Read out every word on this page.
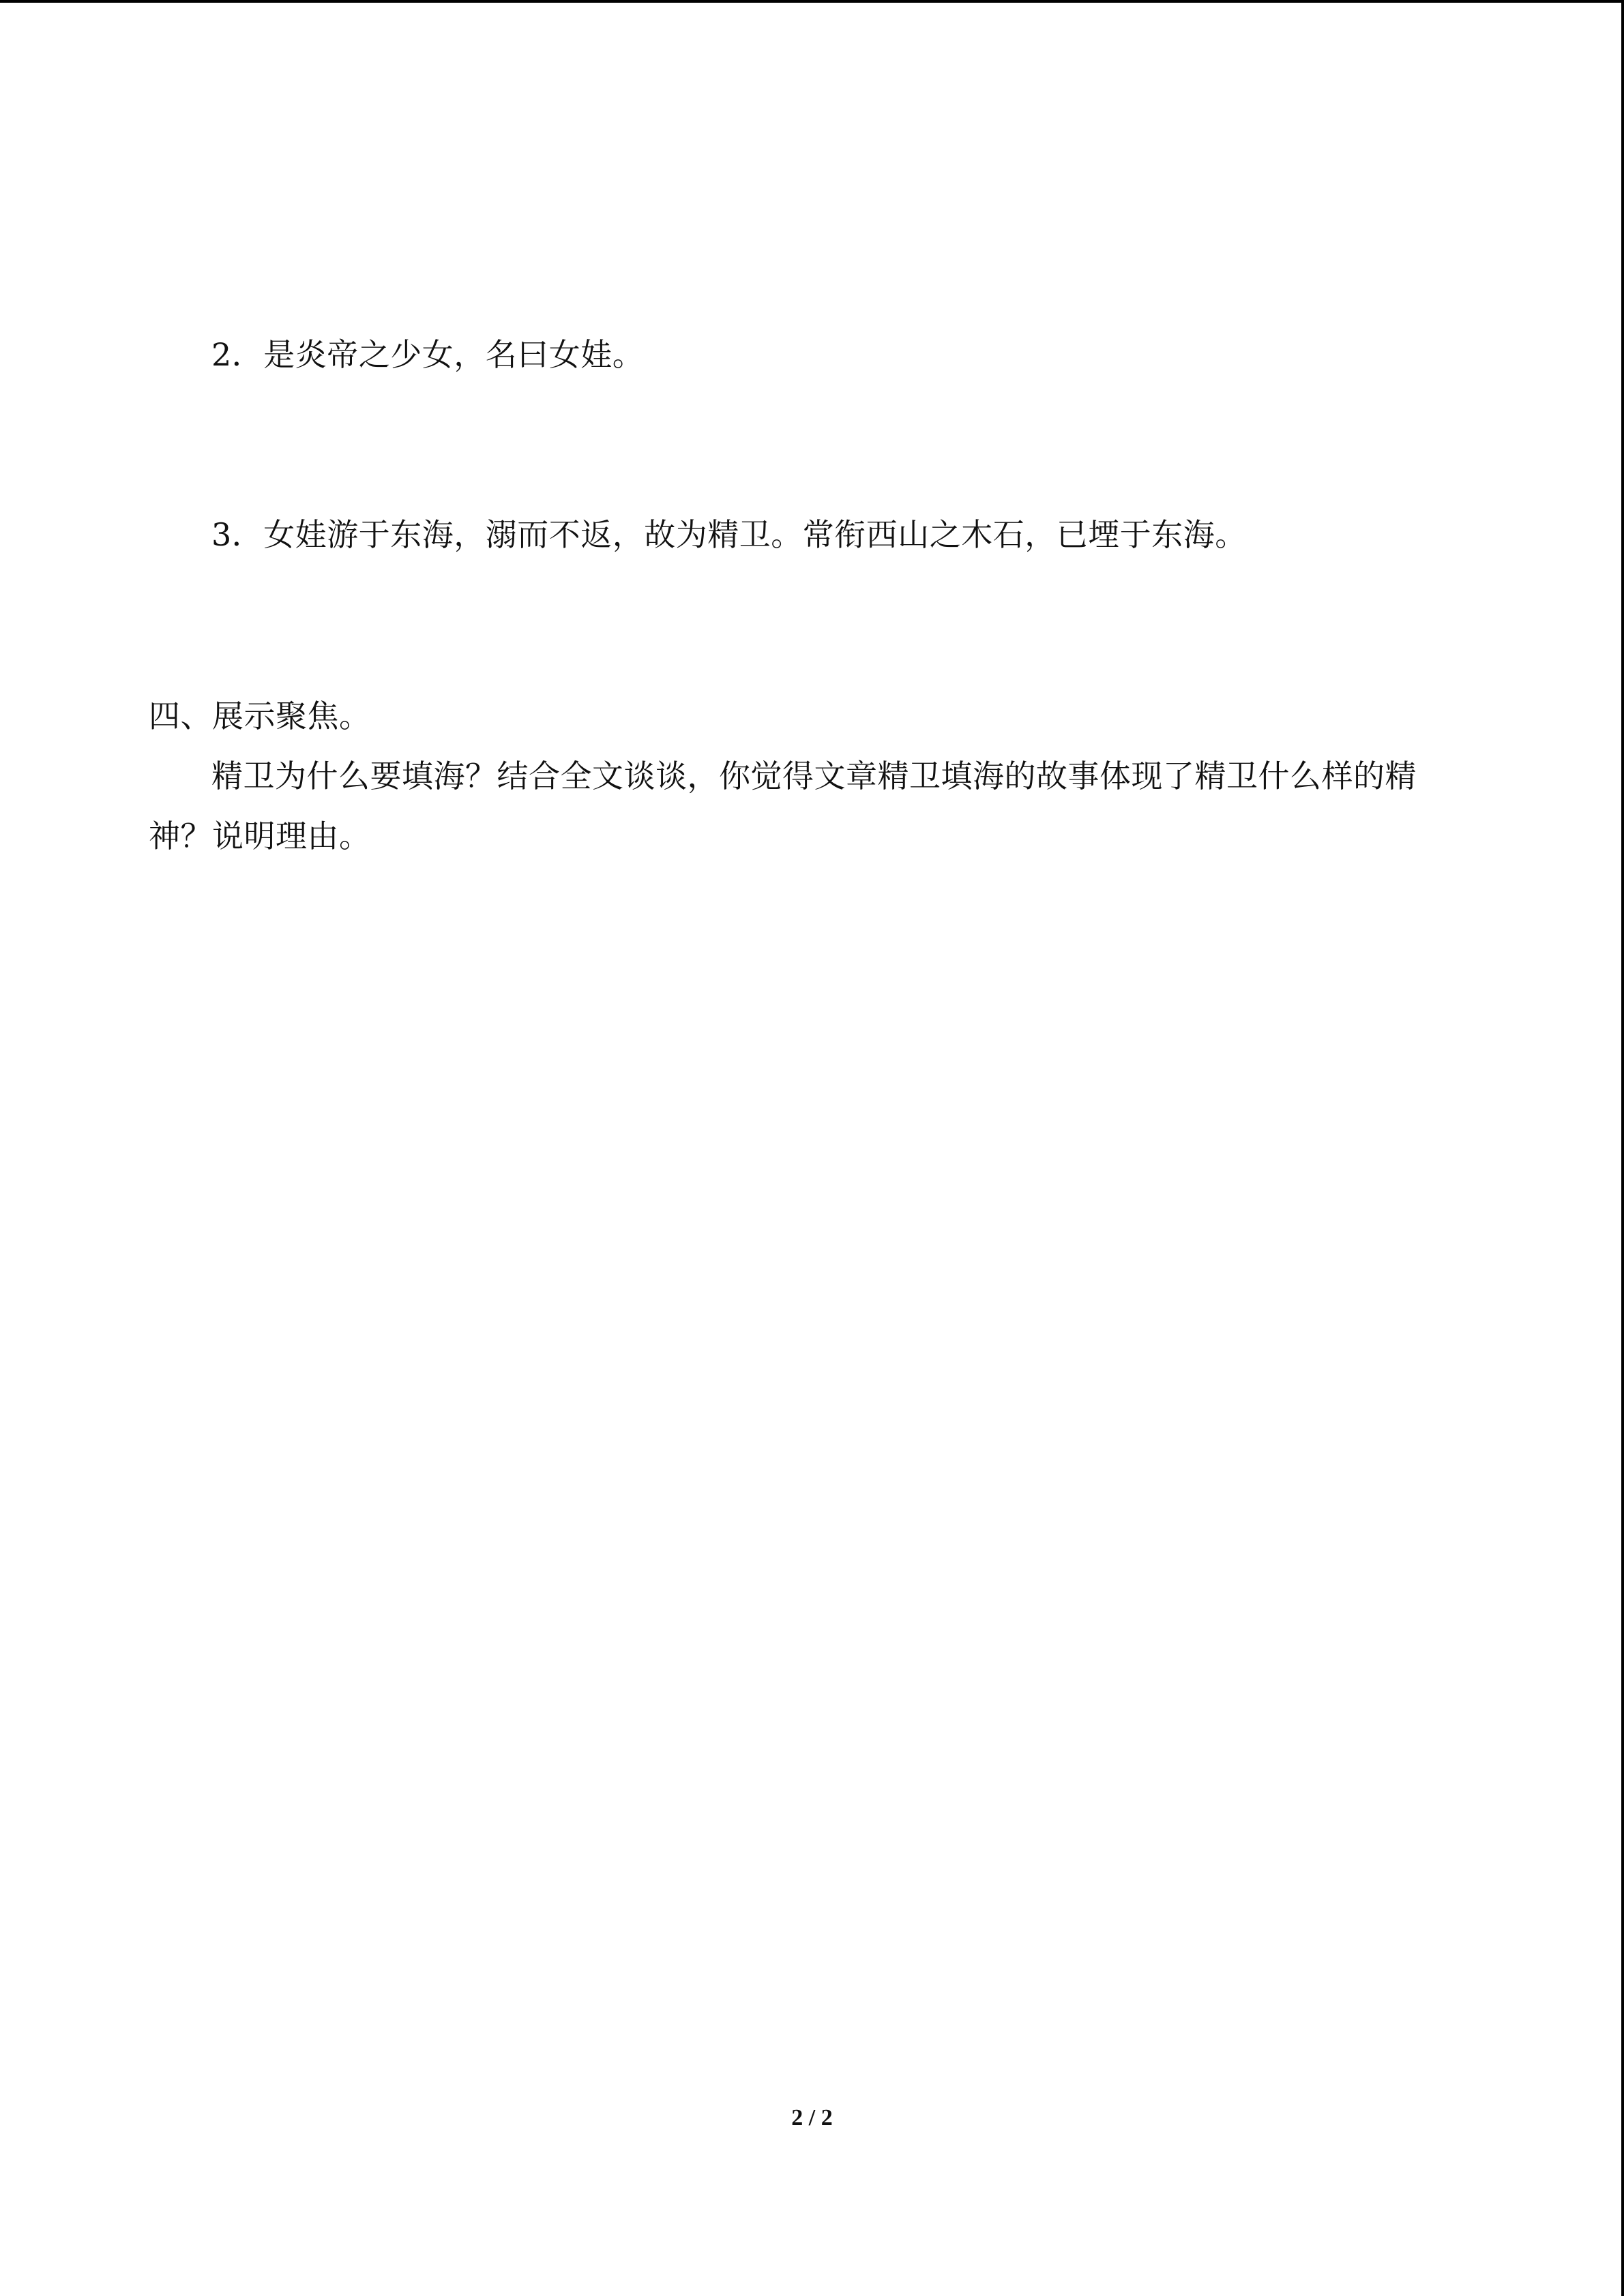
2．是炎帝之少女，名曰女娃。
3．女娃游于东海，溺而不返，故为精卫。常衔西山之木石，已堙于东海。
四、展示聚焦。
精卫为什么要填海？结合全文谈谈，你觉得文章精卫填海的故事体现了精卫什么样的精
神？说明理由。
2 / 2
